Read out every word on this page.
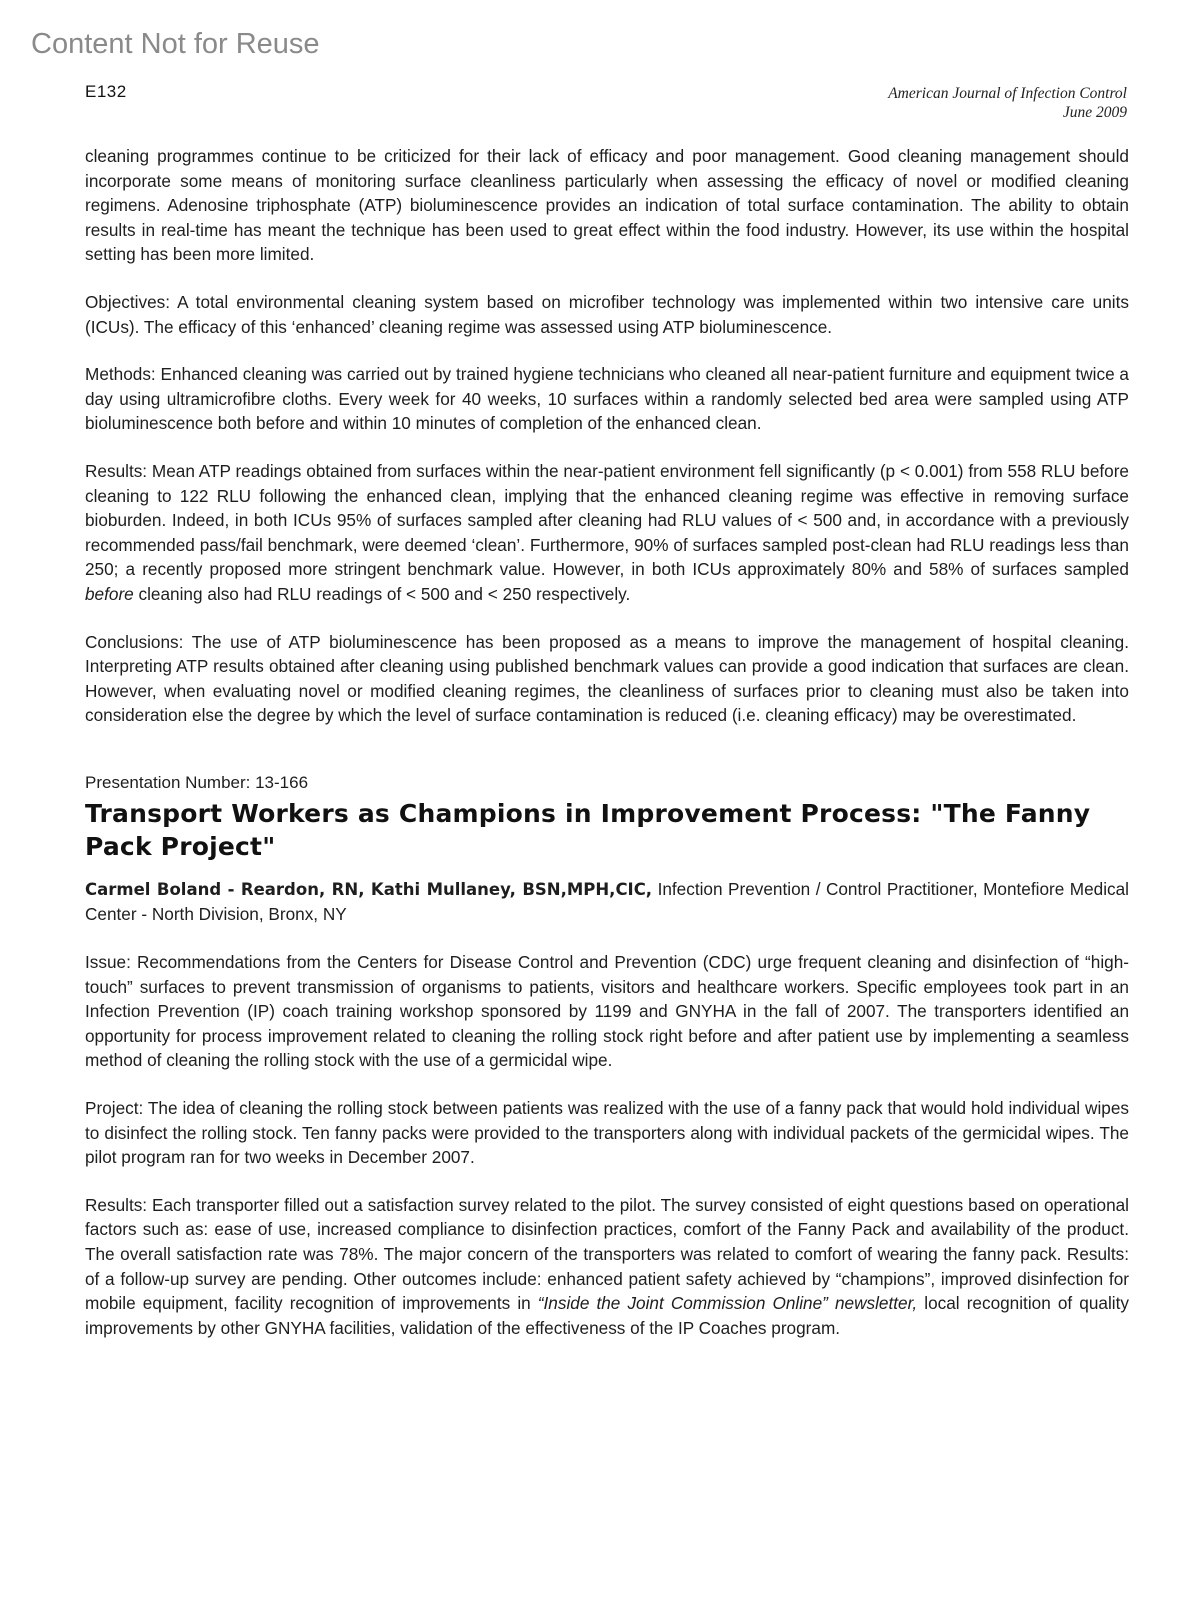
Content Not for Reuse
E132	American Journal of Infection Control
June 2009

cleaning programmes continue to be criticized for their lack of efficacy and poor management. Good cleaning management should incorporate some means of monitoring surface cleanliness particularly when assessing the efficacy of novel or modified cleaning regimens. Adenosine triphosphate (ATP) bioluminescence provides an indication of total surface contamination. The ability to obtain results in real-time has meant the technique has been used to great effect within the food industry. However, its use within the hospital setting has been more limited.

Objectives: A total environmental cleaning system based on microfiber technology was implemented within two intensive care units (ICUs). The efficacy of this ‘enhanced’ cleaning regime was assessed using ATP bioluminescence.

Methods: Enhanced cleaning was carried out by trained hygiene technicians who cleaned all near-patient furniture and equipment twice a day using ultramicrofibre cloths. Every week for 40 weeks, 10 surfaces within a randomly selected bed area were sampled using ATP bioluminescence both before and within 10 minutes of completion of the enhanced clean.

Results: Mean ATP readings obtained from surfaces within the near-patient environment fell significantly (p < 0.001) from 558 RLU before cleaning to 122 RLU following the enhanced clean, implying that the enhanced cleaning regime was effective in removing surface bioburden. Indeed, in both ICUs 95% of surfaces sampled after cleaning had RLU values of < 500 and, in accordance with a previously recommended pass/fail benchmark, were deemed ‘clean’. Furthermore, 90% of surfaces sampled post-clean had RLU readings less than 250; a recently proposed more stringent benchmark value. However, in both ICUs approximately 80% and 58% of surfaces sampled before cleaning also had RLU readings of < 500 and < 250 respectively.

Conclusions: The use of ATP bioluminescence has been proposed as a means to improve the management of hospital cleaning. Interpreting ATP results obtained after cleaning using published benchmark values can provide a good indication that surfaces are clean. However, when evaluating novel or modified cleaning regimes, the cleanliness of surfaces prior to cleaning must also be taken into consideration else the degree by which the level of surface contamination is reduced (i.e. cleaning efficacy) may be overestimated.

Presentation Number: 13-166
Transport Workers as Champions in Improvement Process: "The Fanny Pack Project"

Carmel Boland - Reardon, RN, Kathi Mullaney, BSN,MPH,CIC, Infection Prevention / Control Practitioner, Montefiore Medical Center - North Division, Bronx, NY

Issue: Recommendations from the Centers for Disease Control and Prevention (CDC) urge frequent cleaning and disinfection of “high-touch” surfaces to prevent transmission of organisms to patients, visitors and healthcare workers. Specific employees took part in an Infection Prevention (IP) coach training workshop sponsored by 1199 and GNYHA in the fall of 2007. The transporters identified an opportunity for process improvement related to cleaning the rolling stock right before and after patient use by implementing a seamless method of cleaning the rolling stock with the use of a germicidal wipe.

Project: The idea of cleaning the rolling stock between patients was realized with the use of a fanny pack that would hold individual wipes to disinfect the rolling stock. Ten fanny packs were provided to the transporters along with individual packets of the germicidal wipes. The pilot program ran for two weeks in December 2007.

Results: Each transporter filled out a satisfaction survey related to the pilot. The survey consisted of eight questions based on operational factors such as: ease of use, increased compliance to disinfection practices, comfort of the Fanny Pack and availability of the product. The overall satisfaction rate was 78%. The major concern of the transporters was related to comfort of wearing the fanny pack. Results: of a follow-up survey are pending. Other outcomes include: enhanced patient safety achieved by “champions”, improved disinfection for mobile equipment, facility recognition of improvements in “Inside the Joint Commission Online” newsletter, local recognition of quality improvements by other GNYHA facilities, validation of the effectiveness of the IP Coaches program.
